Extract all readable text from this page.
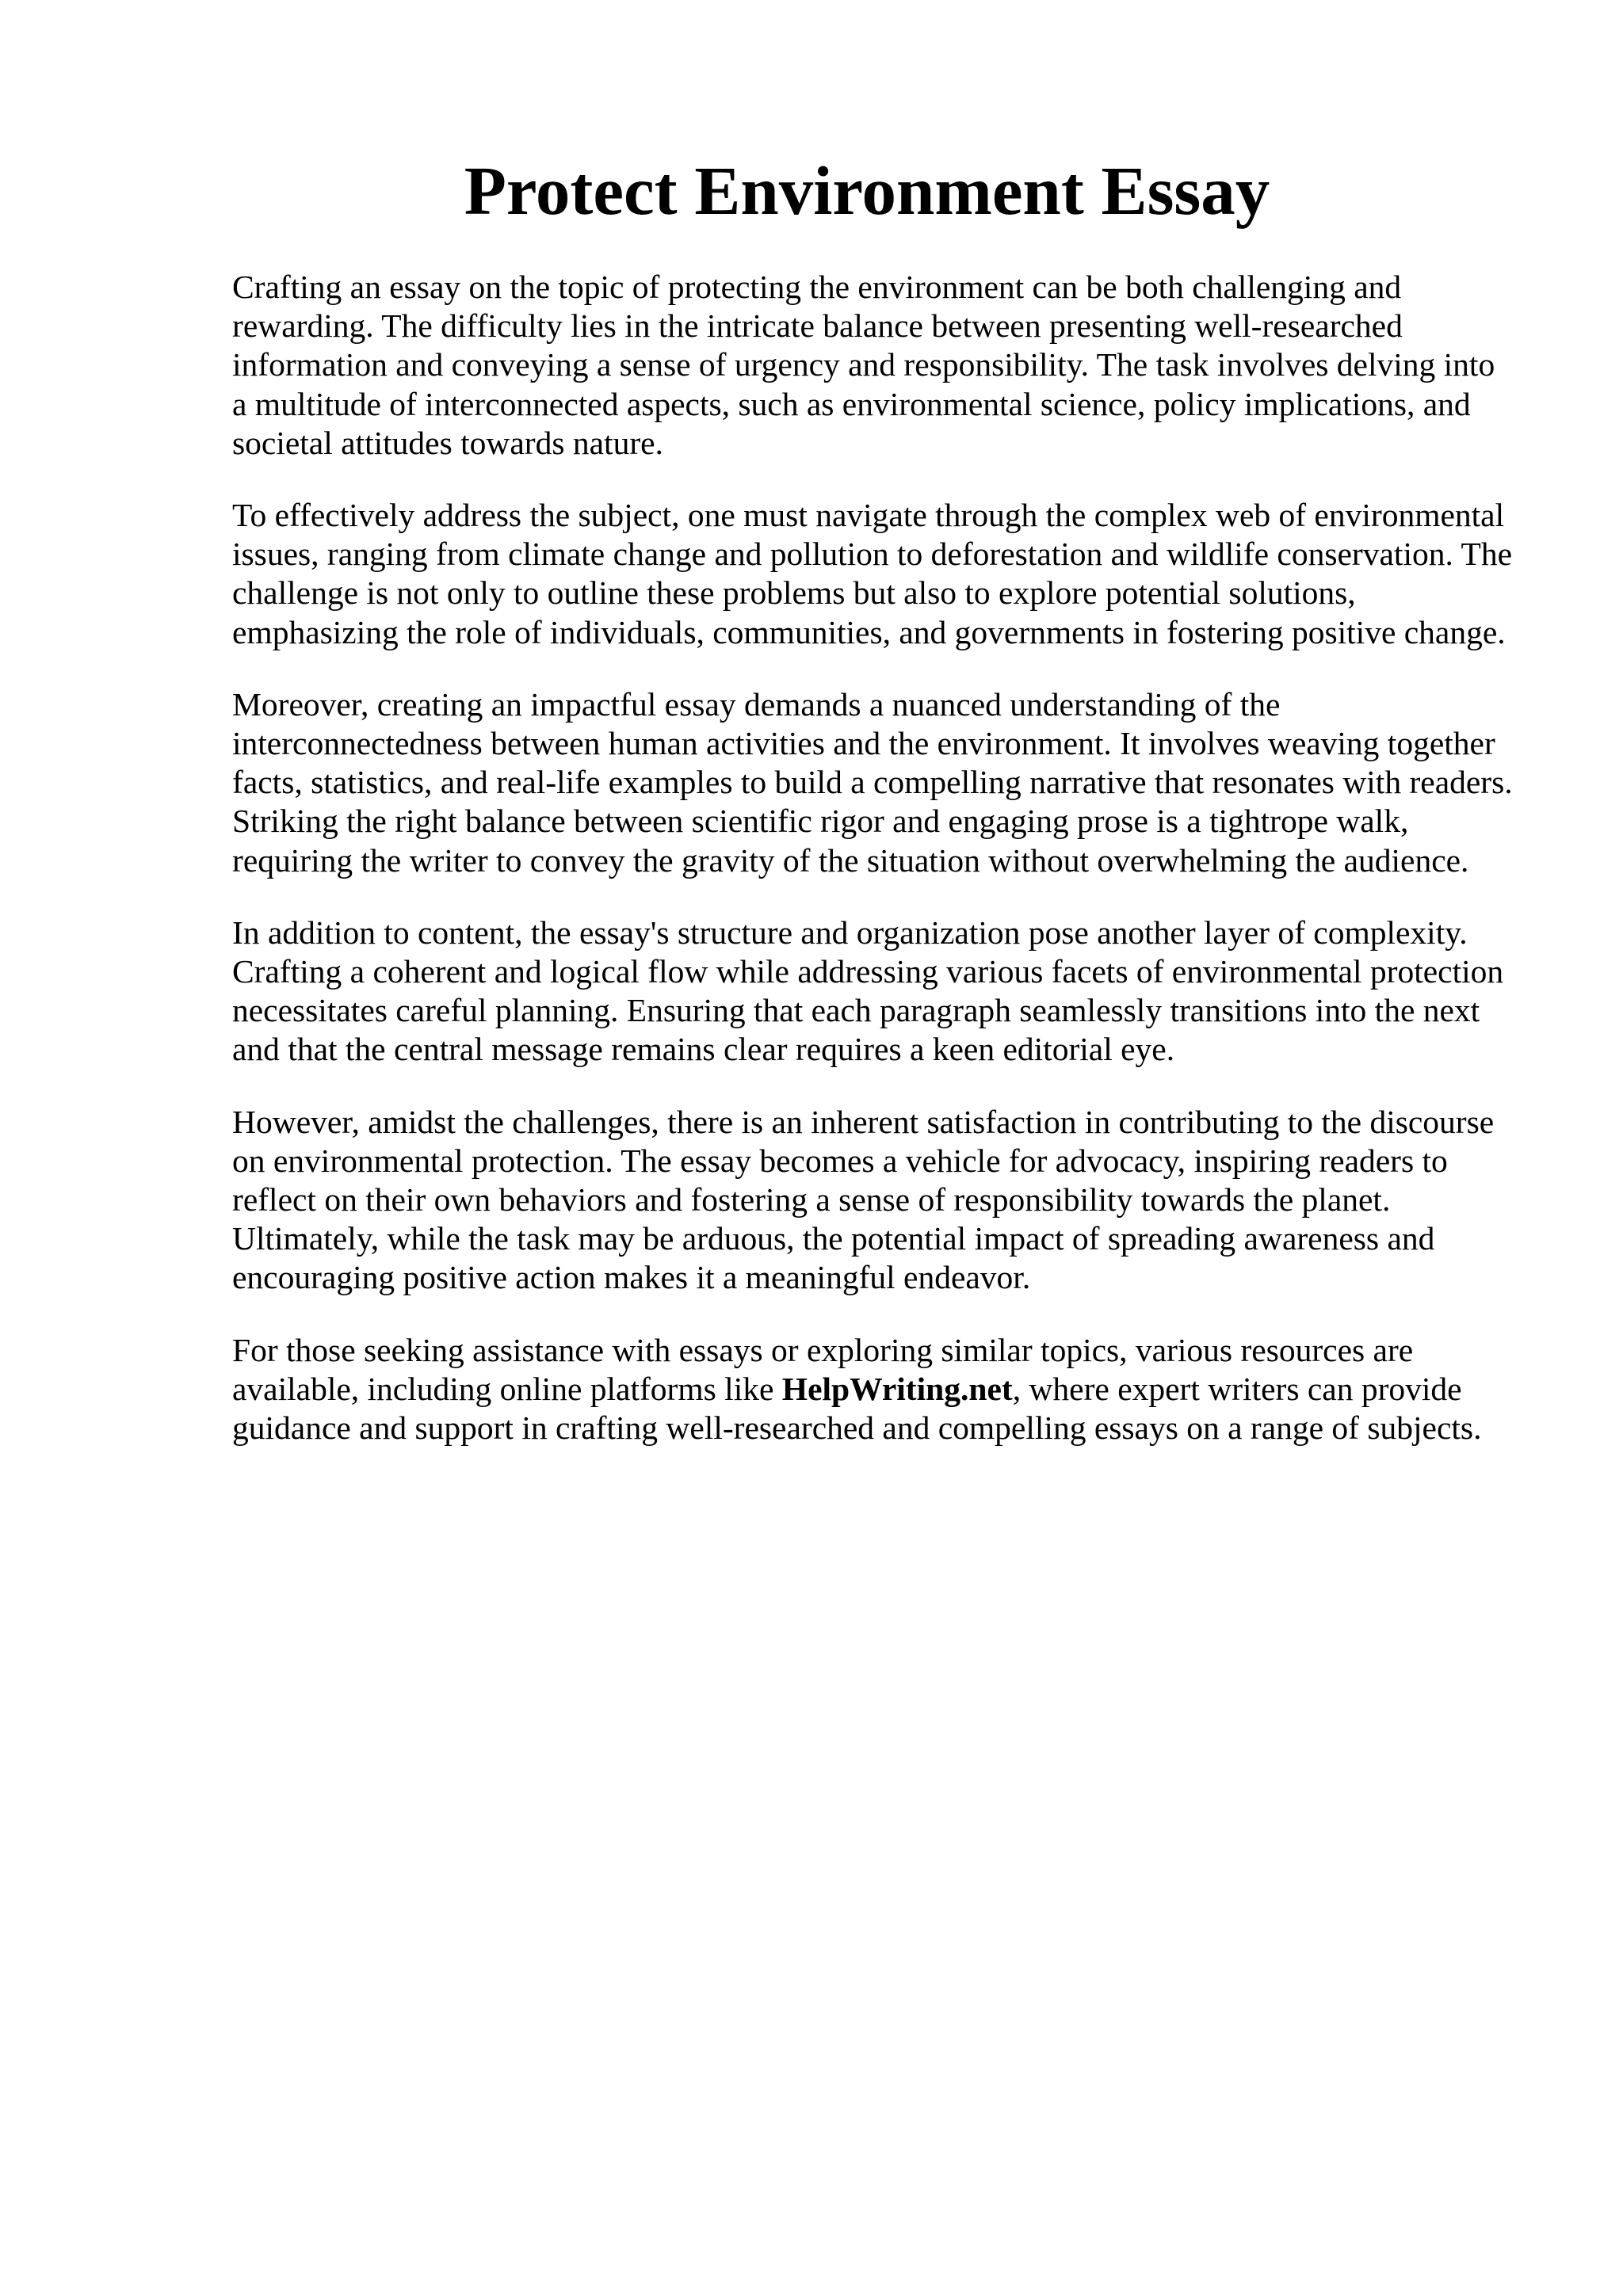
Protect Environment Essay

Crafting an essay on the topic of protecting the environment can be both challenging and
rewarding. The difficulty lies in the intricate balance between presenting well-researched
information and conveying a sense of urgency and responsibility. The task involves delving into
a multitude of interconnected aspects, such as environmental science, policy implications, and
societal attitudes towards nature.

To effectively address the subject, one must navigate through the complex web of environmental
issues, ranging from climate change and pollution to deforestation and wildlife conservation. The
challenge is not only to outline these problems but also to explore potential solutions,
emphasizing the role of individuals, communities, and governments in fostering positive change.

Moreover, creating an impactful essay demands a nuanced understanding of the
interconnectedness between human activities and the environment. It involves weaving together
facts, statistics, and real-life examples to build a compelling narrative that resonates with readers.
Striking the right balance between scientific rigor and engaging prose is a tightrope walk,
requiring the writer to convey the gravity of the situation without overwhelming the audience.

In addition to content, the essay's structure and organization pose another layer of complexity.
Crafting a coherent and logical flow while addressing various facets of environmental protection
necessitates careful planning. Ensuring that each paragraph seamlessly transitions into the next
and that the central message remains clear requires a keen editorial eye.

However, amidst the challenges, there is an inherent satisfaction in contributing to the discourse
on environmental protection. The essay becomes a vehicle for advocacy, inspiring readers to
reflect on their own behaviors and fostering a sense of responsibility towards the planet.
Ultimately, while the task may be arduous, the potential impact of spreading awareness and
encouraging positive action makes it a meaningful endeavor.

For those seeking assistance with essays or exploring similar topics, various resources are
available, including online platforms like HelpWriting.net, where expert writers can provide
guidance and support in crafting well-researched and compelling essays on a range of subjects.
